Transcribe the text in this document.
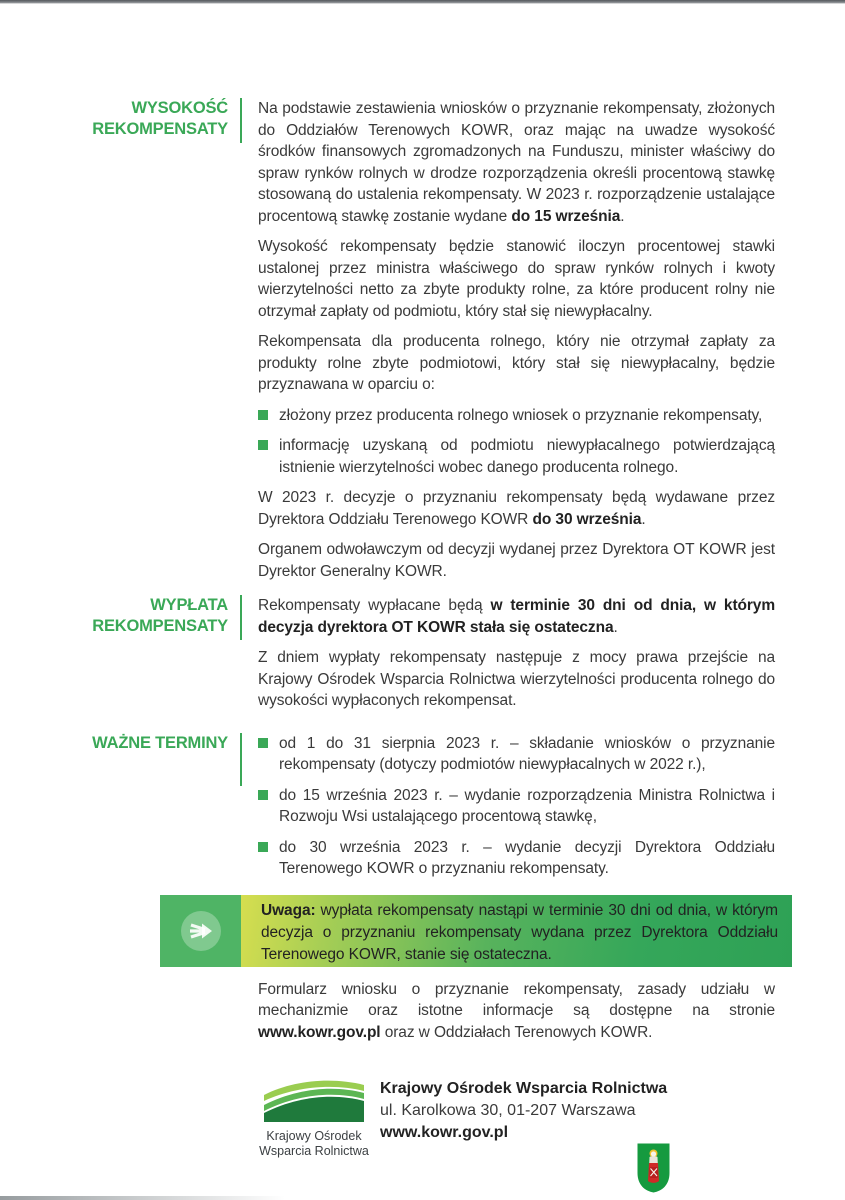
WYSOKOŚĆ
REKOMPENSATY

Na podstawie zestawienia wniosków o przyznanie rekompensaty, złożonych do Oddziałów Terenowych KOWR, oraz mając na uwadze wysokość środków finansowych zgromadzonych na Funduszu, minister właściwy do spraw rynków rolnych w drodze rozporządzenia określi procentową stawkę stosowaną do ustalenia rekompensaty. W 2023 r. rozporządzenie ustalające procentową stawkę zostanie wydane do 15 września.

Wysokość rekompensaty będzie stanowić iloczyn procentowej stawki ustalonej przez ministra właściwego do spraw rynków rolnych i kwoty wierzytelności netto za zbyte produkty rolne, za które producent rolny nie otrzymał zapłaty od podmiotu, który stał się niewypłacalny.

Rekompensata dla producenta rolnego, który nie otrzymał zapłaty za produkty rolne zbyte podmiotowi, który stał się niewypłacalny, będzie przyznawana w oparciu o:

złożony przez producenta rolnego wniosek o przyznanie rekompensaty,
informację uzyskaną od podmiotu niewypłacalnego potwierdzającą istnienie wierzytelności wobec danego producenta rolnego.

W 2023 r. decyzje o przyznaniu rekompensaty będą wydawane przez Dyrektora Oddziału Terenowego KOWR do 30 września.

Organem odwoławczym od decyzji wydanej przez Dyrektora OT KOWR jest Dyrektor Generalny KOWR.

WYPŁATA
REKOMPENSATY

Rekompensaty wypłacane będą w terminie 30 dni od dnia, w którym decyzja dyrektora OT KOWR stała się ostateczna.

Z dniem wypłaty rekompensaty następuje z mocy prawa przejście na Krajowy Ośrodek Wsparcia Rolnictwa wierzytelności producenta rolnego do wysokości wypłaconych rekompensat.

WAŻNE TERMINY	od 1 do 31 sierpnia 2023 r. – składanie wniosków o przyznanie rekompensaty (dotyczy podmiotów niewypłacalnych w 2022 r.),
do 15 września 2023 r. – wydanie rozporządzenia Ministra Rolnictwa i Rozwoju Wsi ustalającego procentową stawkę,
do 30 września 2023 r. – wydanie decyzji Dyrektora Oddziału Terenowego KOWR o przyznaniu rekompensaty.
Uwaga: wypłata rekompensaty nastąpi w terminie 30 dni od dnia, w którym decyzja o przyznaniu rekompensaty wydana przez Dyrektora Oddziału Terenowego KOWR, stanie się ostateczna.
Formularz wniosku o przyznanie rekompensaty, zasady udziału w mechanizmie oraz istotne informacje są dostępne na stronie www.kowr.gov.pl oraz w Oddziałach Terenowych KOWR.
Krajowy Ośrodek
Wsparcia Rolnictwa
Krajowy Ośrodek Wsparcia Rolnictwa
ul. Karolkowa 30, 01-207 Warszawa
www.kowr.gov.pl
